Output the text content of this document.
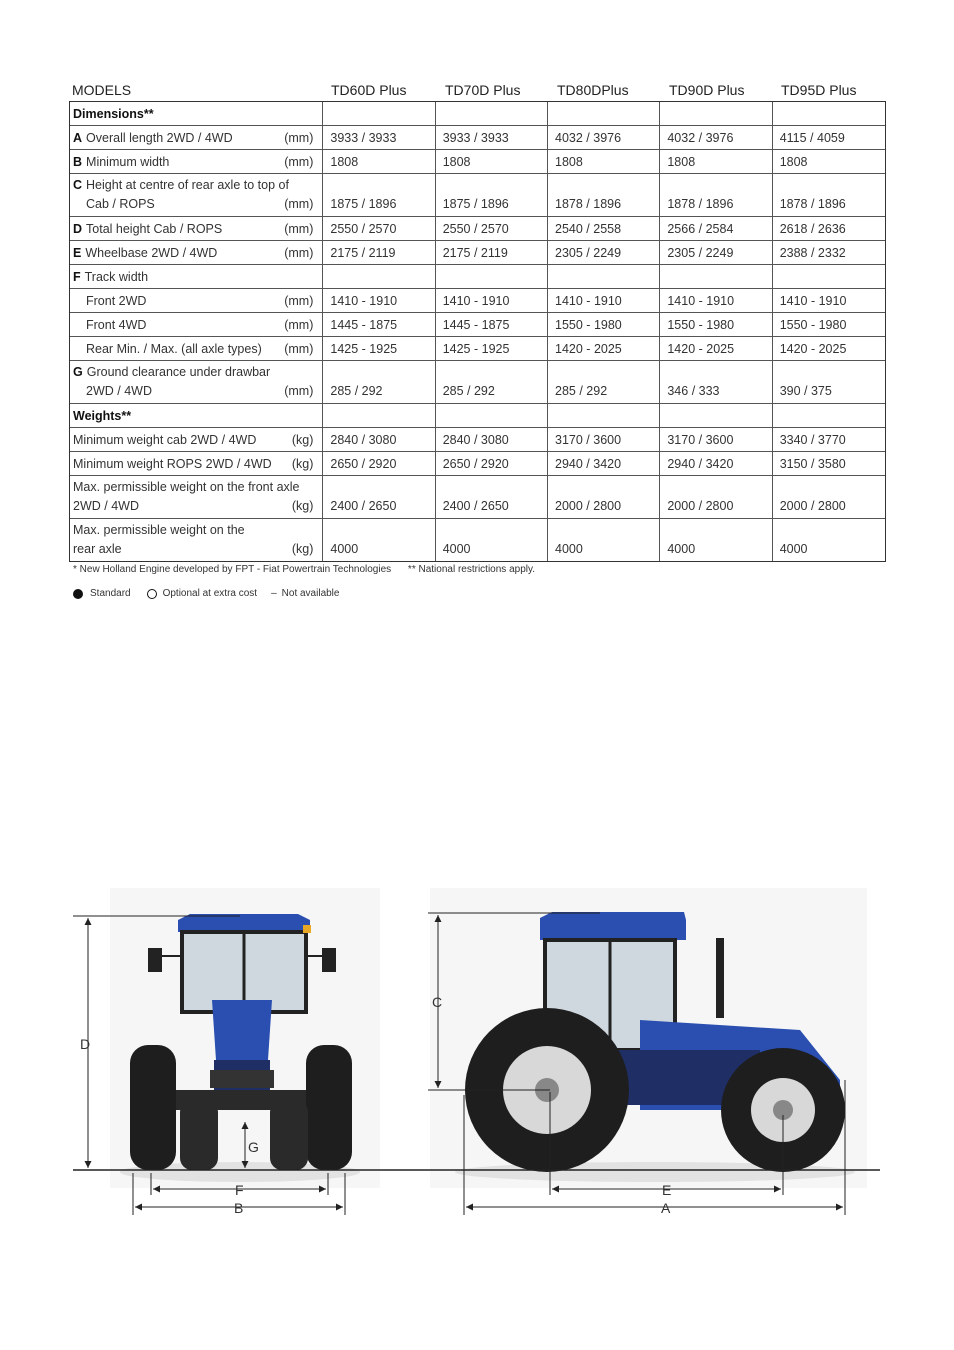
MODELS	TD60D Plus	TD70D Plus	TD80DPlus	TD90D Plus	TD95D Plus
Dimensions**
A Overall length 2WD / 4WD	(mm)	3933 / 3933	3933 / 3933	4032 / 3976	4032 / 3976	4115 / 4059
B Minimum width	(mm)	1808	1808	1808	1808	1808
C Height at centre of rear axle to top of
Cab / ROPS	(mm)	1875 / 1896	1875 / 1896	1878 / 1896	1878 / 1896	1878 / 1896
D Total height Cab / ROPS	(mm)	2550 / 2570	2550 / 2570	2540 / 2558	2566 / 2584	2618 / 2636
E Wheelbase 2WD / 4WD	(mm)	2175 / 2119	2175 / 2119	2305 / 2249	2305 / 2249	2388 / 2332
F Track width
Front 2WD	(mm)	1410 - 1910	1410 - 1910	1410 - 1910	1410 - 1910	1410 - 1910
Front 4WD	(mm)	1445 - 1875	1445 - 1875	1550 - 1980	1550 - 1980	1550 - 1980
Rear Min. / Max. (all axle types) (mm)	1425 - 1925	1425 - 1925	1420 - 2025	1420 - 2025	1420 - 2025
G Ground clearance under drawbar
2WD / 4WD	(mm)	285 / 292	285 / 292	285 / 292	346 / 333	390 / 375
Weights**
Minimum weight cab 2WD / 4WD	(kg)	2840 / 3080	2840 / 3080	3170 / 3600	3170 / 3600	3340 / 3770
Minimum weight ROPS 2WD / 4WD (kg)	2650 / 2920	2650 / 2920	2940 / 3420	2940 / 3420	3150 / 3580
Max. permissible weight on the front axle
2WD / 4WD	(kg)	2400 / 2650	2400 / 2650	2000 / 2800	2000 / 2800	2000 / 2800
Max. permissible weight on the
rear axle	(kg)	4000	4000	4000	4000	4000
* New Holland Engine developed by FPT - Fiat Powertrain Technologies ** National restrictions apply.
Standard	Optional at extra cost – Not available
D
G
F
B
C
E
A
